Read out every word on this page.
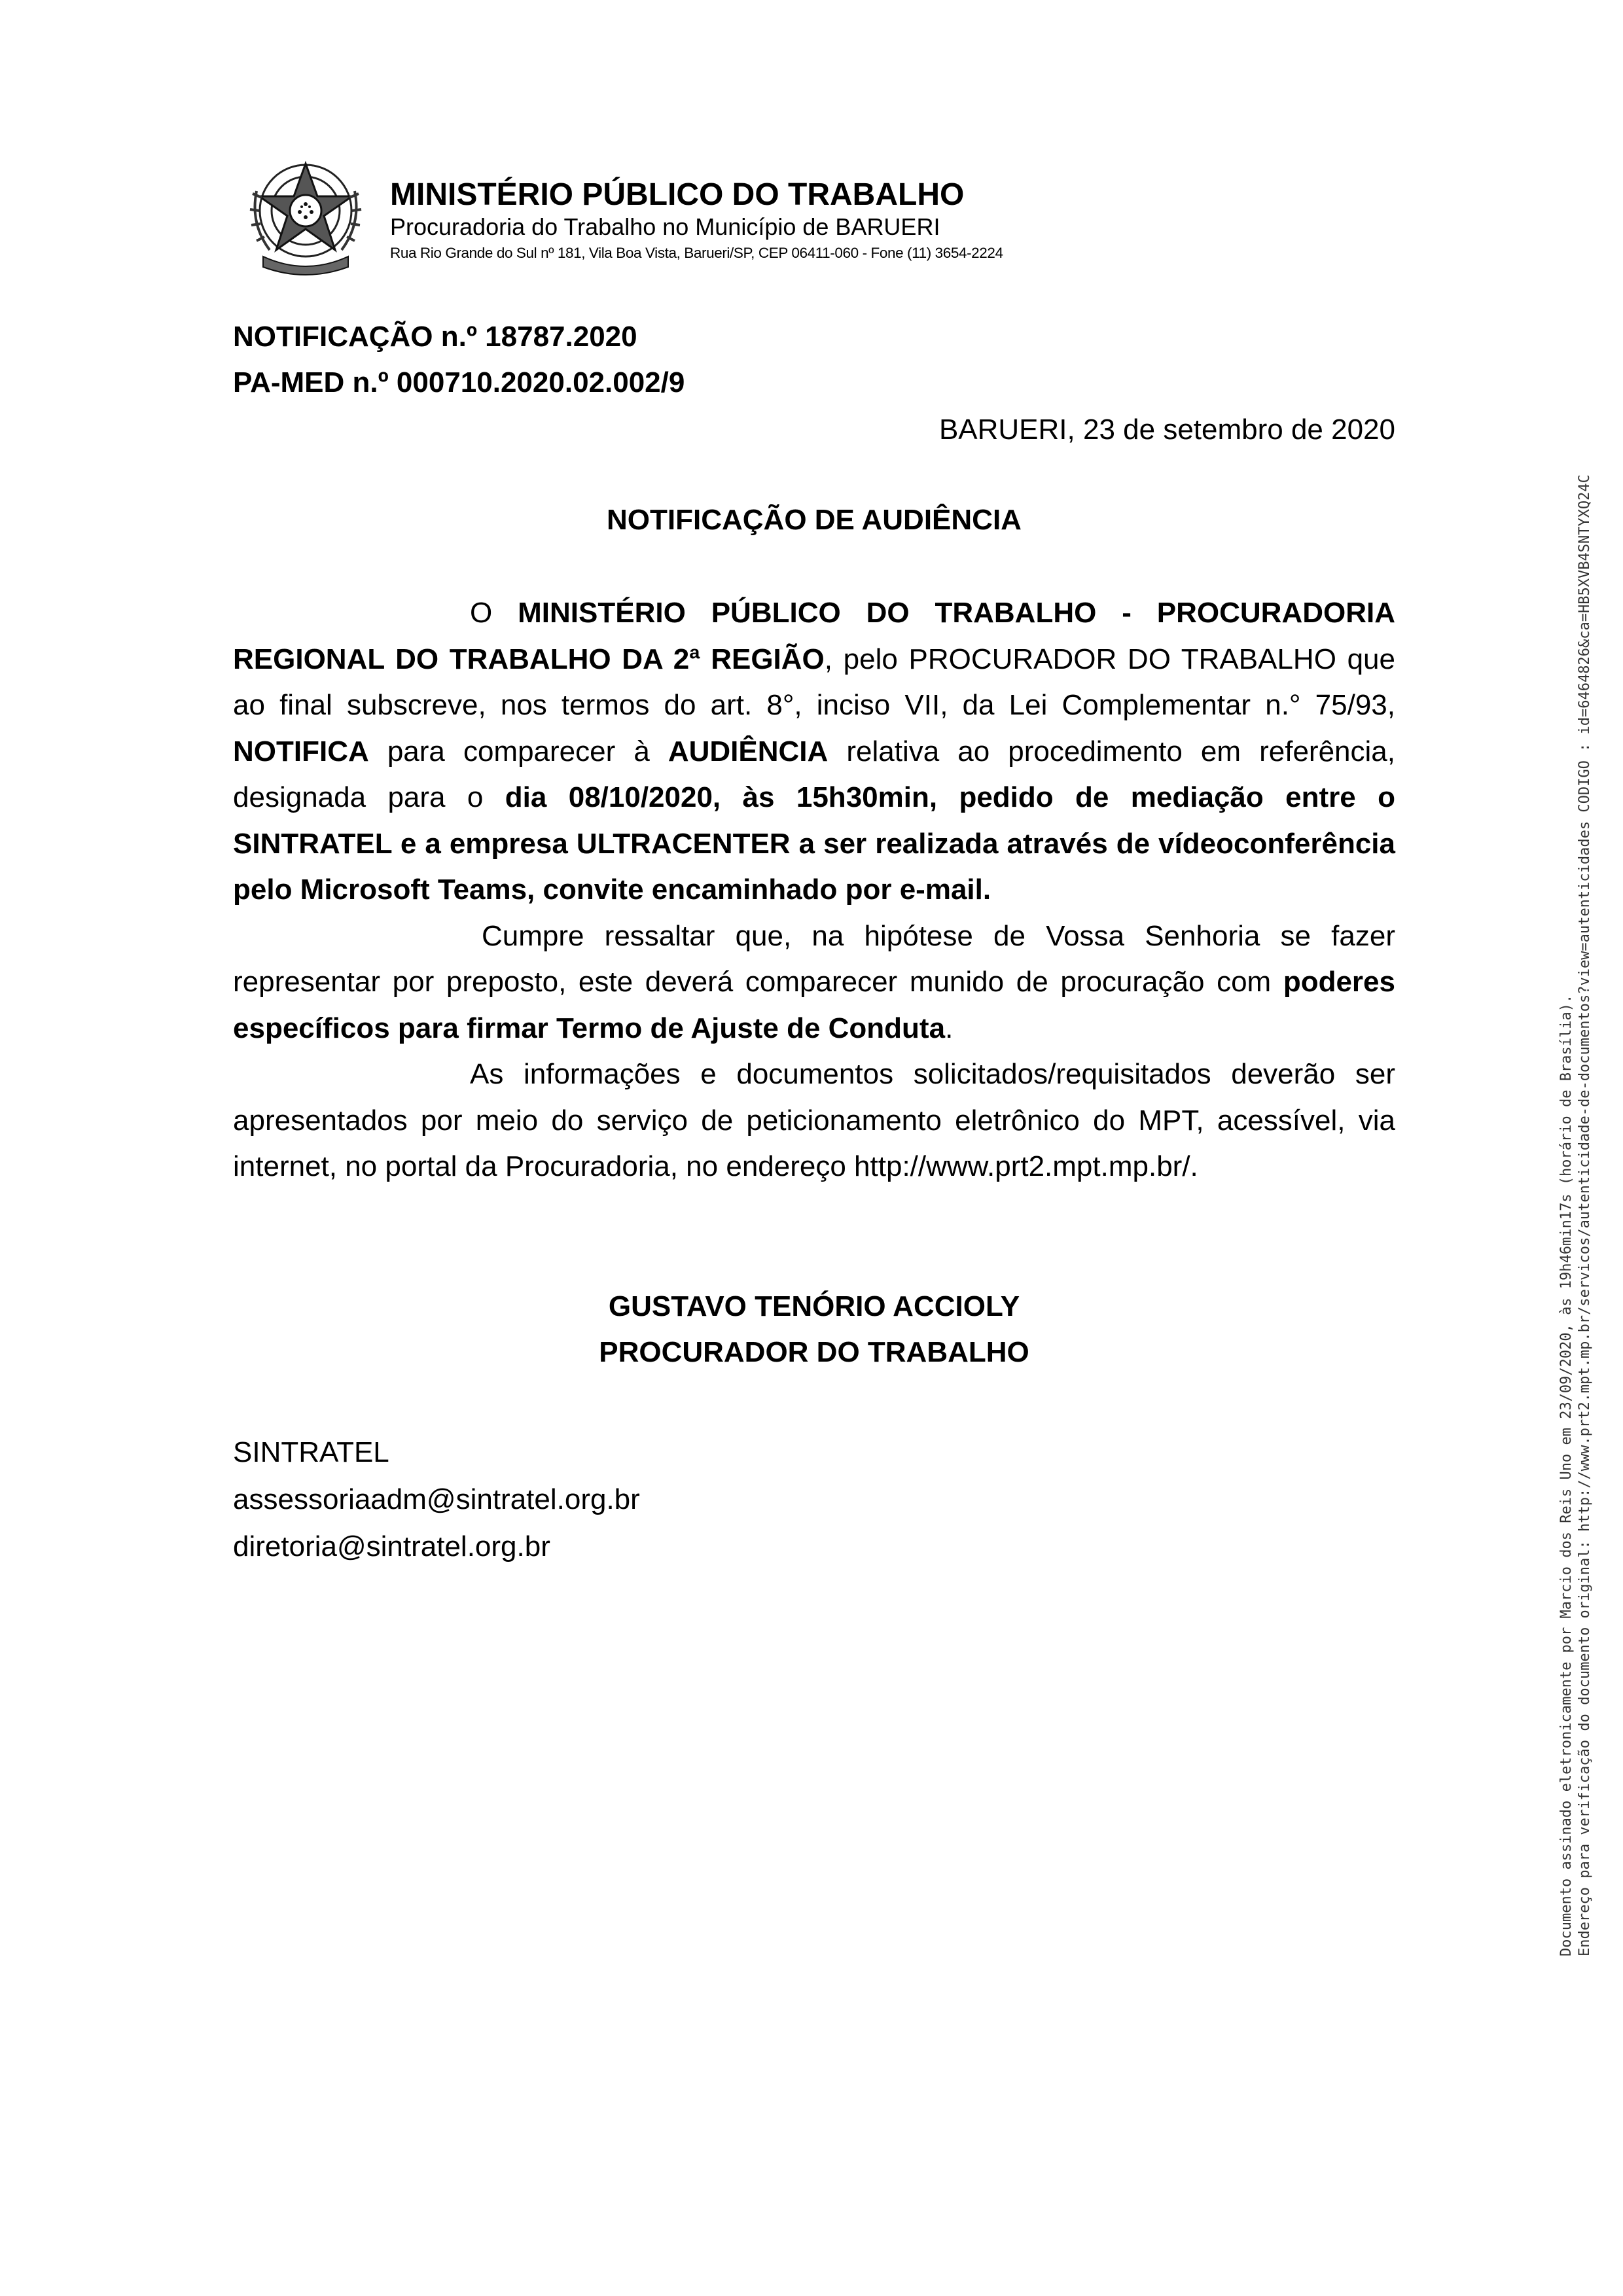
MINISTÉRIO PÚBLICO DO TRABALHO
Procuradoria do Trabalho no Município de BARUERI
Rua Rio Grande do Sul nº 181, Vila Boa Vista, Barueri/SP, CEP 06411-060 - Fone (11) 3654-2224
NOTIFICAÇÃO n.º 18787.2020
PA-MED n.º 000710.2020.02.002/9
BARUERI, 23 de setembro de 2020
NOTIFICAÇÃO DE AUDIÊNCIA

O MINISTÉRIO PÚBLICO DO TRABALHO - PROCURADORIA REGIONAL DO TRABALHO DA 2ª REGIÃO, pelo PROCURADOR DO TRABALHO que ao final subscreve, nos termos do art. 8°, inciso VII, da Lei Complementar n.° 75/93, NOTIFICA para comparecer à AUDIÊNCIA relativa ao procedimento em referência, designada para o dia 08/10/2020, às 15h30min, pedido de mediação entre o SINTRATEL e a empresa ULTRACENTER a ser realizada através de vídeoconferência pelo Microsoft Teams, convite encaminhado por e-mail.

Cumpre ressaltar que, na hipótese de Vossa Senhoria se fazer representar por preposto, este deverá comparecer munido de procuração com poderes específicos para firmar Termo de Ajuste de Conduta.

As informações e documentos solicitados/requisitados deverão ser apresentados por meio do serviço de peticionamento eletrônico do MPT, acessível, via internet, no portal da Procuradoria, no endereço http://www.prt2.mpt.mp.br/.

GUSTAVO TENÓRIO ACCIOLY
PROCURADOR DO TRABALHO
SINTRATEL
assessoriaadm@sintratel.org.br
diretoria@sintratel.org.br	Documento assinado eletronicamente por Marcio dos Reis Uno em 23/09/2020, às 19h46min17s (horário de Brasília). Endereço para verificação do documento original: http://www.prt2.mpt.mp.br/servicos/autenticidade-de-documentos?view=autenticidades CODIGO : id=6464826&ca=HB5XVB4SNTYXQ24C
